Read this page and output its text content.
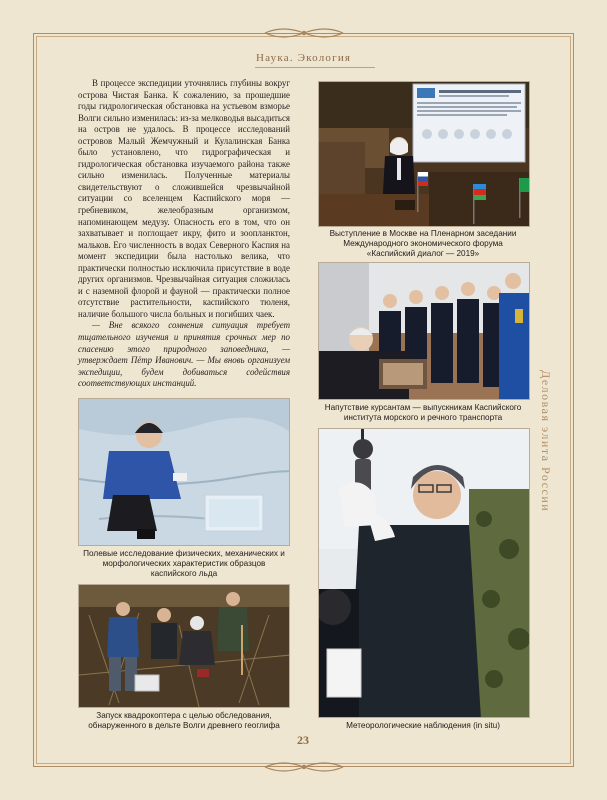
Наука. Экология
Деловая элита России

В процессе экспедиции уточнялись глубины вокруг острова Чистая Банка. К сожалению, за прошедшие годы гидрологическая обстановка на устьевом взморье Волги сильно изменилась: из-за мелководья высадиться на остров не удалось. В процессе исследований островов Малый Жемчужный и Кулалинская Банка было установлено, что гидрографическая и гидрологическая обстановка изучаемого района также сильно изменилась. Полученные материалы свидетельствуют о сложившейся чрезвычайной ситуации со вселенцем Каспийского моря — гребневиком, желеобразным организмом, напоминающем медузу. Опасность его в том, что он захватывает и поглощает икру, фито и зоопланктон, мальков. Его численность в водах Северного Каспия на момент экспедиции была настолько велика, что практически полностью исключила присутствие в воде других организмов. Чрезвычайная ситуация сложилась и с наземной флорой и фауной — практически полное отсутствие растительности, каспийского тюленя, наличие большого числа больных и погибших чаек.

— Вне всякого сомнения ситуация требует тщательного изучения и принятия срочных мер по спасению этого природного заповедника, — утверждает Пётр Иванович. — Мы вновь организуем экспедиции, будем добиваться содействия соответствующих инстанций.

Выступление в Москве на Пленарном заседании Международного экономического форума «Каспийский диалог — 2019»
Напутствие курсантам — выпускникам Каспийского института морского и речного транспорта
Полевые исследование физических, механических и морфологических характеристик образцов каспийского льда
Запуск квадрокоптера с целью обследования, обнаруженного в дельте Волги древнего геоглифа	Метеорологические наблюдения (in situ)
23
